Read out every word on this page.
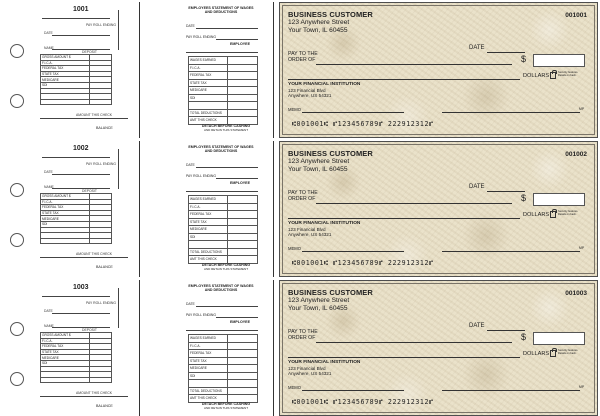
1001
PAY ROLL ENDING
DATE
NAME
DEPOSIT
GROSS AMOUNT $	
F.I.C.A.	
FEDERAL TAX	
STATE TAX	
MEDICARE	
SDI	

AMOUNT THIS CHECK
BALANCE
EMPLOYEES STATEMENT OF WAGES AND DEDUCTIONS
DATE
PAY ROLL ENDING
EMPLOYEE
WAGES EARNED	
F.I.C.A.	
FEDERAL TAX	
STATE TAX	
MEDICARE	
SDI	

TOTAL DEDUCTIONS	
AMT THIS CHECK	
DETACH BEFORE CASHING
AND RETAIN THIS STATEMENT
BUSINESS CUSTOMER
123 Anywhere Street
Your Town, IL 60455
001001
DATE
PAY TO THE
ORDER OF	$
DOLLARS
Security features. Details on back.
YOUR FINANCIAL INSTITUTION
123 Financial Blvd
Anywhere, US 54321
MEMO	MP
⑆001001⑆ ⑈123456789⑈ 222912312⑈
1002
PAY ROLL ENDING
DATE
NAME
DEPOSIT
GROSS AMOUNT $	
F.I.C.A.	
FEDERAL TAX	
STATE TAX	
MEDICARE	
SDI	

AMOUNT THIS CHECK
BALANCE
EMPLOYEES STATEMENT OF WAGES AND DEDUCTIONS
DATE
PAY ROLL ENDING
EMPLOYEE
WAGES EARNED	
F.I.C.A.	
FEDERAL TAX	
STATE TAX	
MEDICARE	
SDI	

TOTAL DEDUCTIONS	
AMT THIS CHECK	
DETACH BEFORE CASHING
AND RETAIN THIS STATEMENT
BUSINESS CUSTOMER
123 Anywhere Street
Your Town, IL 60455
001002
DATE
PAY TO THE
ORDER OF	$
DOLLARS
Security features. Details on back.
YOUR FINANCIAL INSTITUTION
123 Financial Blvd
Anywhere, US 54321
MEMO	MP
⑆001001⑆ ⑈123456789⑈ 222912312⑈
1003
PAY ROLL ENDING
DATE
NAME
DEPOSIT
GROSS AMOUNT $	
F.I.C.A.	
FEDERAL TAX	
STATE TAX	
MEDICARE	
SDI	

AMOUNT THIS CHECK
BALANCE
EMPLOYEES STATEMENT OF WAGES AND DEDUCTIONS
DATE
PAY ROLL ENDING
EMPLOYEE
WAGES EARNED	
F.I.C.A.	
FEDERAL TAX	
STATE TAX	
MEDICARE	
SDI	

TOTAL DEDUCTIONS	
AMT THIS CHECK	
DETACH BEFORE CASHING
AND RETAIN THIS STATEMENT
BUSINESS CUSTOMER
123 Anywhere Street
Your Town, IL 60455
001003
DATE
PAY TO THE
ORDER OF	$
DOLLARS
Security features. Details on back.
YOUR FINANCIAL INSTITUTION
123 Financial Blvd
Anywhere, US 54321
MEMO	MP
⑆001001⑆ ⑈123456789⑈ 222912312⑈
